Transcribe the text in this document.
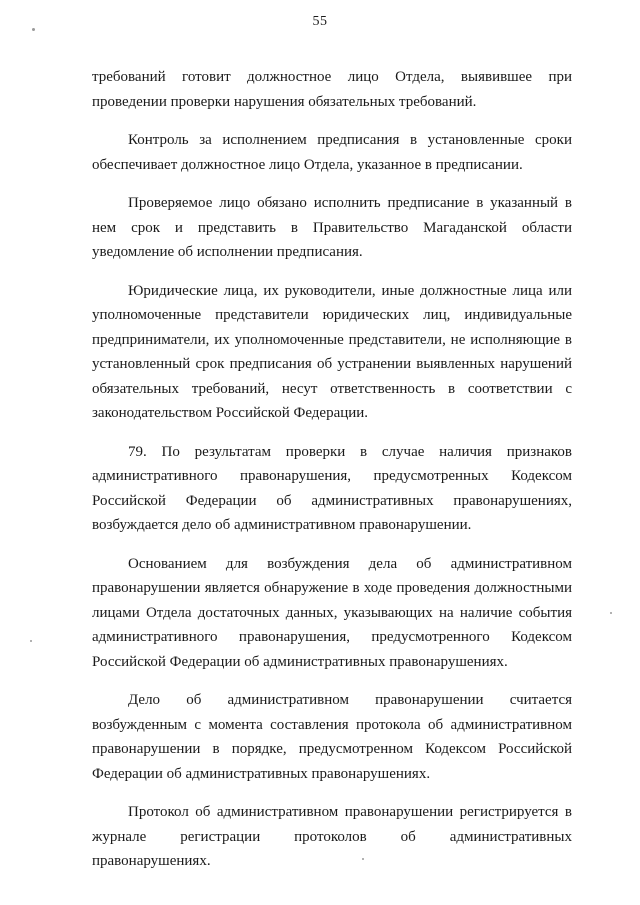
55

требований готовит должностное лицо Отдела, выявившее при проведении проверки нарушения обязательных требований.

Контроль за исполнением предписания в установленные сроки обеспечивает должностное лицо Отдела, указанное в предписании.

Проверяемое лицо обязано исполнить предписание в указанный в нем срок и представить в Правительство Магаданской области уведомление об исполнении предписания.

Юридические лица, их руководители, иные должностные лица или уполномоченные представители юридических лиц, индивидуальные предприниматели, их уполномоченные представители, не исполняющие в установленный срок предписания об устранении выявленных нарушений обязательных требований, несут ответственность в соответствии с законодательством Российской Федерации.

79. По результатам проверки в случае наличия признаков административного правонарушения, предусмотренных Кодексом Российской Федерации об административных правонарушениях, возбуждается дело об административном правонарушении.

Основанием для возбуждения дела об административном правонарушении является обнаружение в ходе проведения должностными лицами Отдела достаточных данных, указывающих на наличие события административного правонарушения, предусмотренного Кодексом Российской Федерации об административных правонарушениях.

Дело об административном правонарушении считается возбужденным с момента составления протокола об административном правонарушении в порядке, предусмотренном Кодексом Российской Федерации об административных правонарушениях.

Протокол об административном правонарушении регистрируется в журнале регистрации протоколов об административных правонарушениях.
